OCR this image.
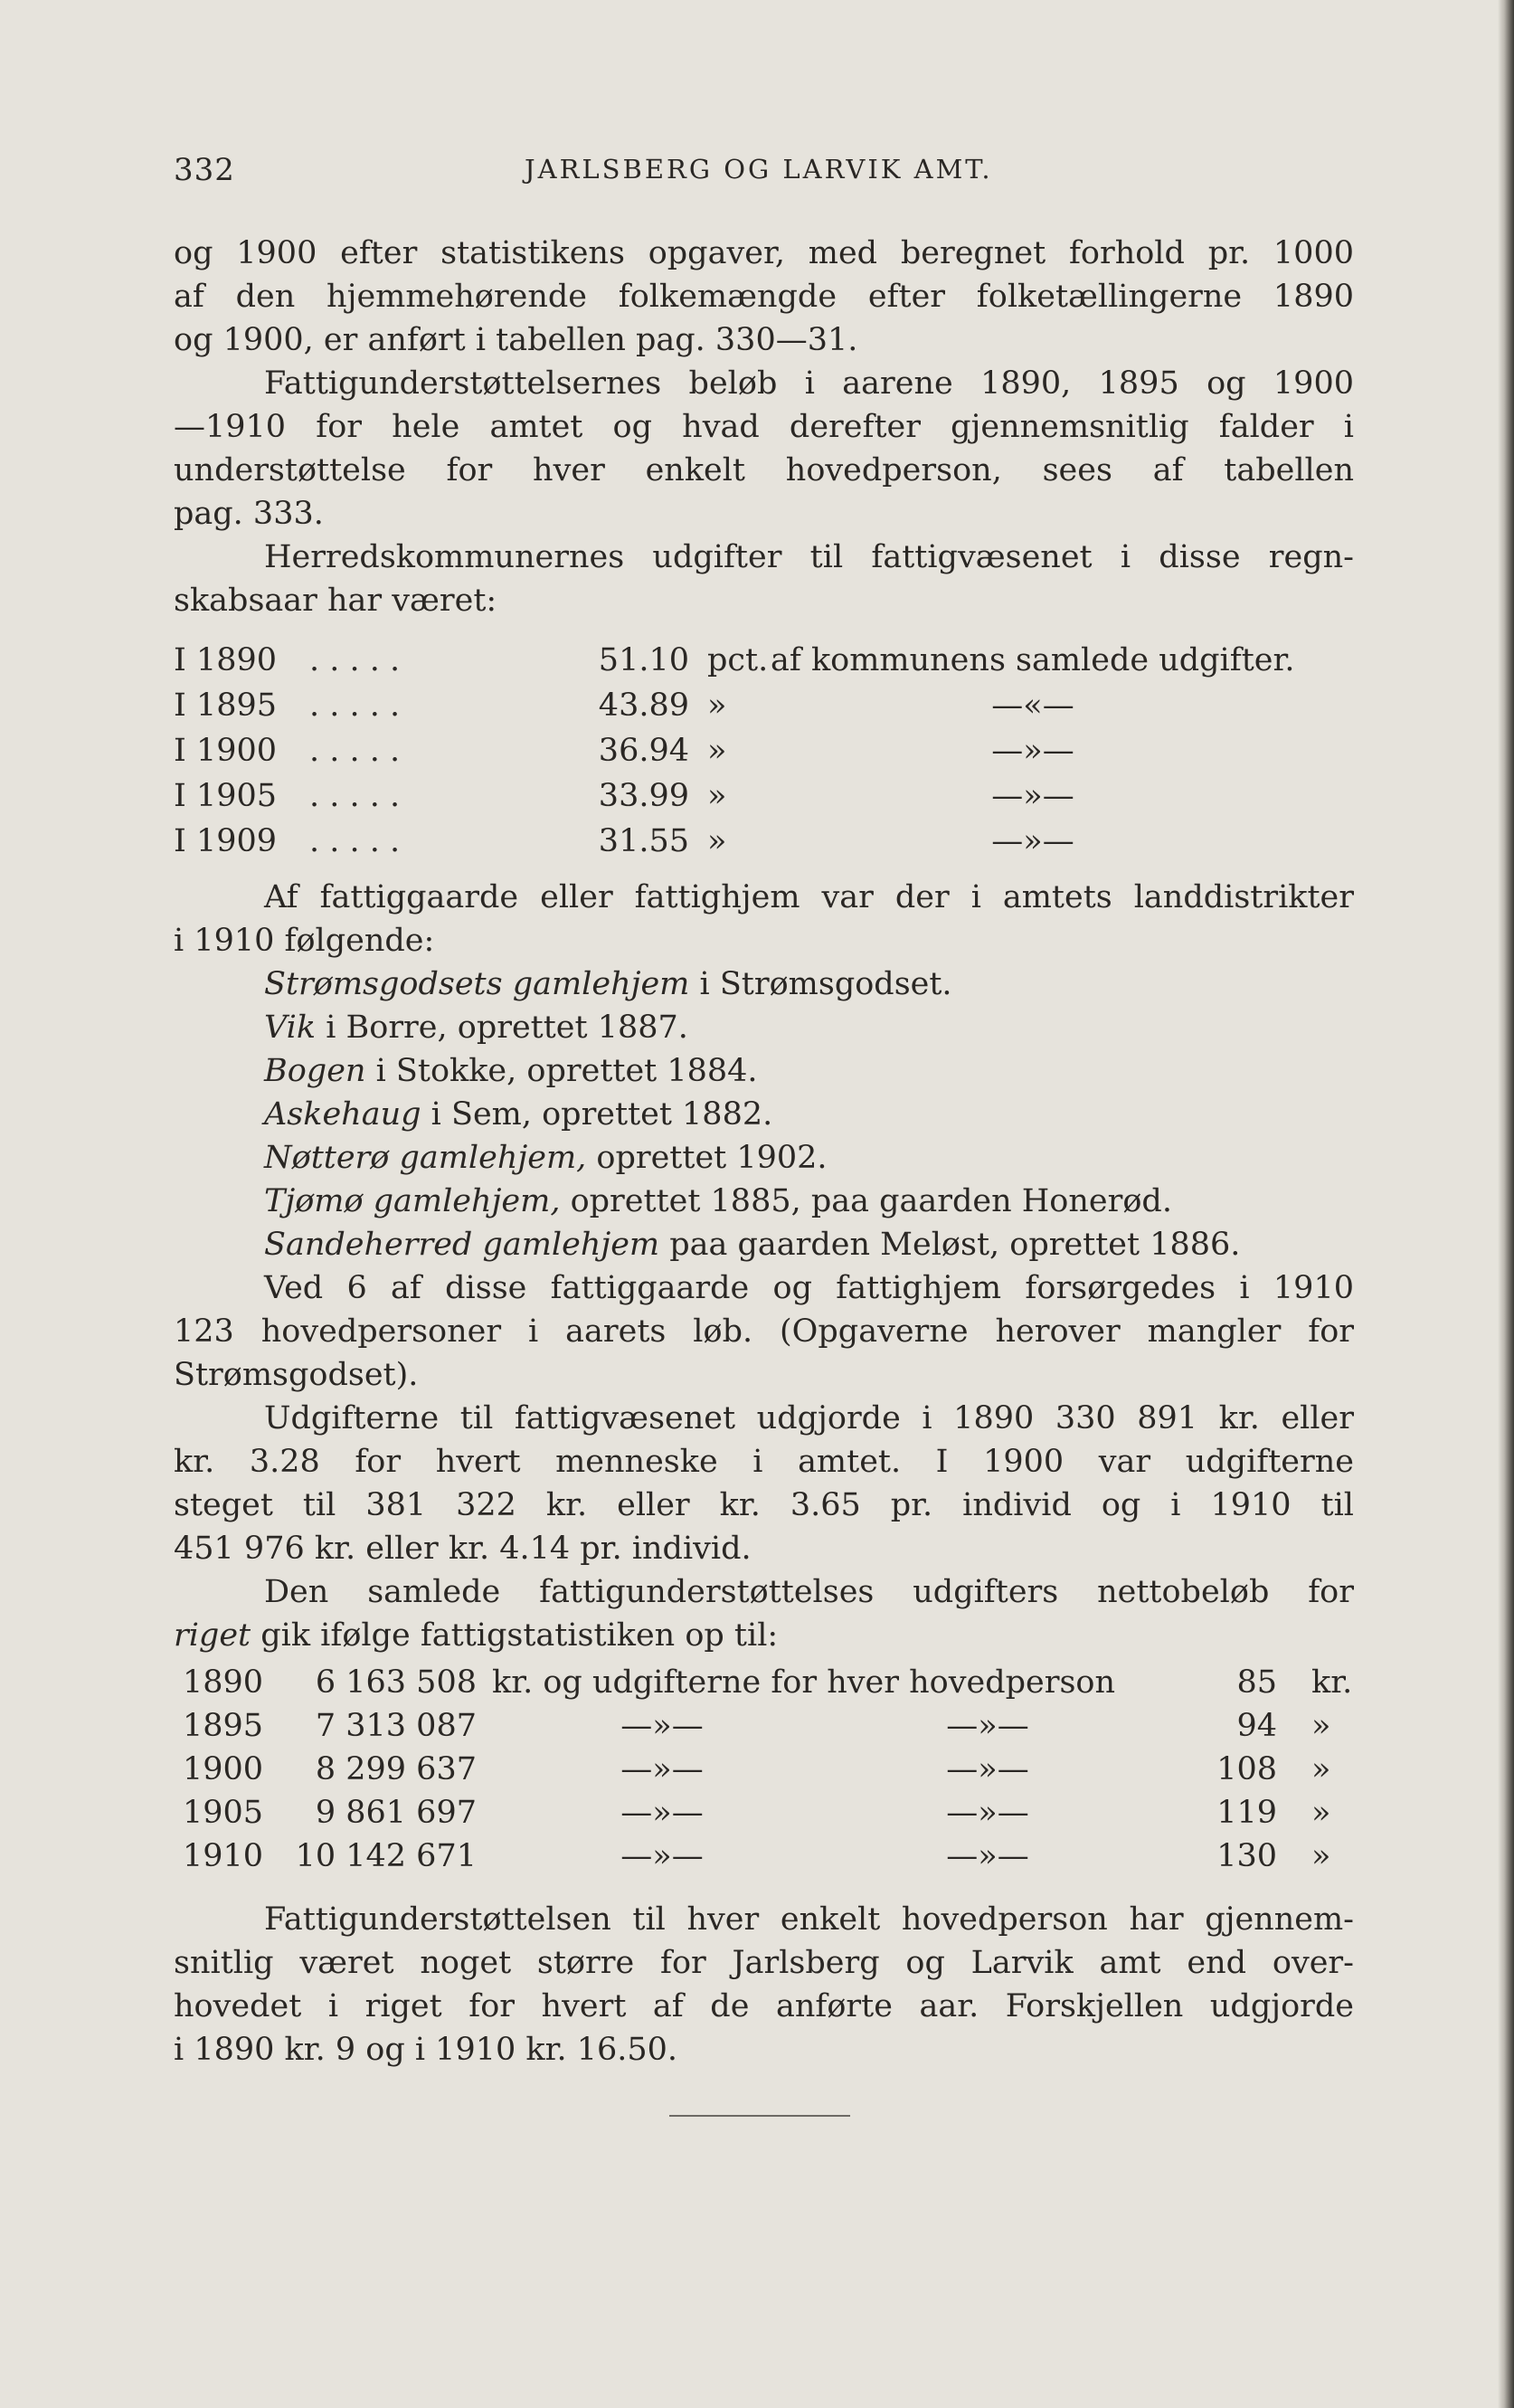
332	JARLSBERG OG LARVIK AMT.
og 1900 efter statistikens opgaver, med beregnet forhold pr. 1000
af den hjemmehørende folkemængde efter folketællingerne 1890
og 1900, er anført i tabellen pag. 330—31.
Fattigunderstøttelsernes beløb i aarene 1890, 1895 og 1900
—1910 for hele amtet og hvad derefter gjennemsnitlig falder i
understøttelse for hver enkelt hovedperson, sees af tabellen
pag. 333.
Herredskommunernes udgifter til fattigvæsenet i disse regn-
skabsaar har været:
I 1890 . . . . .	51.10 pct. af kommunens samlede udgifter.
I 1895 . . . . .	43.89 »	—«—
I 1900 . . . . .	36.94 »	—»—
I 1905 . . . . .	33.99 »	—»—
I 1909 . . . . .	31.55 »	—»—
Af fattiggaarde eller fattighjem var der i amtets landdistrikter
i 1910 følgende:
Strømsgodsets gamlehjem i Strømsgodset.
Vik i Borre, oprettet 1887.
Bogen i Stokke, oprettet 1884.
Askehaug i Sem, oprettet 1882.
Nøtterø gamlehjem, oprettet 1902.
Tjømø gamlehjem, oprettet 1885, paa gaarden Honerød.
Sandeherred gamlehjem paa gaarden Meløst, oprettet 1886.
Ved 6 af disse fattiggaarde og fattighjem forsørgedes i 1910
123 hovedpersoner i aarets løb. (Opgaverne herover mangler for
Strømsgodset).
Udgifterne til fattigvæsenet udgjorde i 1890 330 891 kr. eller
kr. 3.28 for hvert menneske i amtet. I 1900 var udgifterne
steget til 381 322 kr. eller kr. 3.65 pr. individ og i 1910 til
451 976 kr. eller kr. 4.14 pr. individ.
Den samlede fattigunderstøttelses udgifters nettobeløb for
riget gik ifølge fattigstatistiken op til:
1890	6 163 508 kr. og udgifterne for hver hovedperson	85 kr.
1895	7 313 087	—»—	—»—	94 »
1900	8 299 637	—»—	—»—	108 »
1905	9 861 697	—»—	—»—	119 »
1910	10 142 671	—»—	—»—	130 »
Fattigunderstøttelsen til hver enkelt hovedperson har gjennem-
snitlig været noget større for Jarlsberg og Larvik amt end over-
hovedet i riget for hvert af de anførte aar. Forskjellen udgjorde
i 1890 kr. 9 og i 1910 kr. 16.50.
